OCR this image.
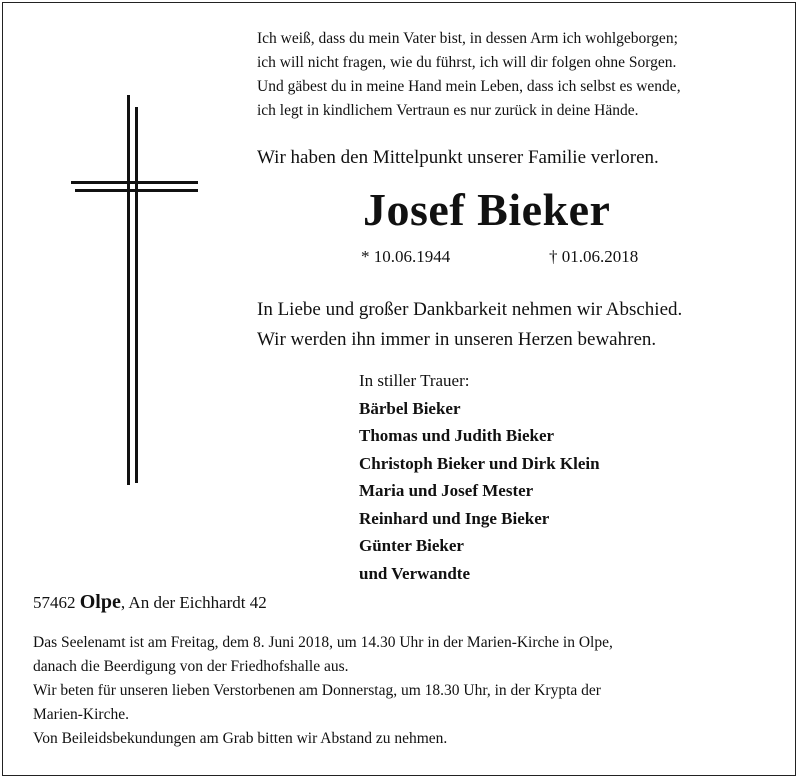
Ich weiß, dass du mein Vater bist, in dessen Arm ich wohlgeborgen;
ich will nicht fragen, wie du führst, ich will dir folgen ohne Sorgen.
Und gäbest du in meine Hand mein Leben, dass ich selbst es wende,
ich legt in kindlichem Vertraun es nur zurück in deine Hände.
Wir haben den Mittelpunkt unserer Familie verloren.
Josef Bieker
* 10.06.1944	† 01.06.2018
In Liebe und großer Dankbarkeit nehmen wir Abschied.
Wir werden ihn immer in unseren Herzen bewahren.
In stiller Trauer:
Bärbel Bieker
Thomas und Judith Bieker
Christoph Bieker und Dirk Klein
Maria und Josef Mester
Reinhard und Inge Bieker
Günter Bieker
und Verwandte
57462 Olpe, An der Eichhardt 42
Das Seelenamt ist am Freitag, dem 8. Juni 2018, um 14.30 Uhr in der Marien-Kirche in Olpe,
danach die Beerdigung von der Friedhofshalle aus.
Wir beten für unseren lieben Verstorbenen am Donnerstag, um 18.30 Uhr, in der Krypta der
Marien-Kirche.
Von Beileidsbekundungen am Grab bitten wir Abstand zu nehmen.
